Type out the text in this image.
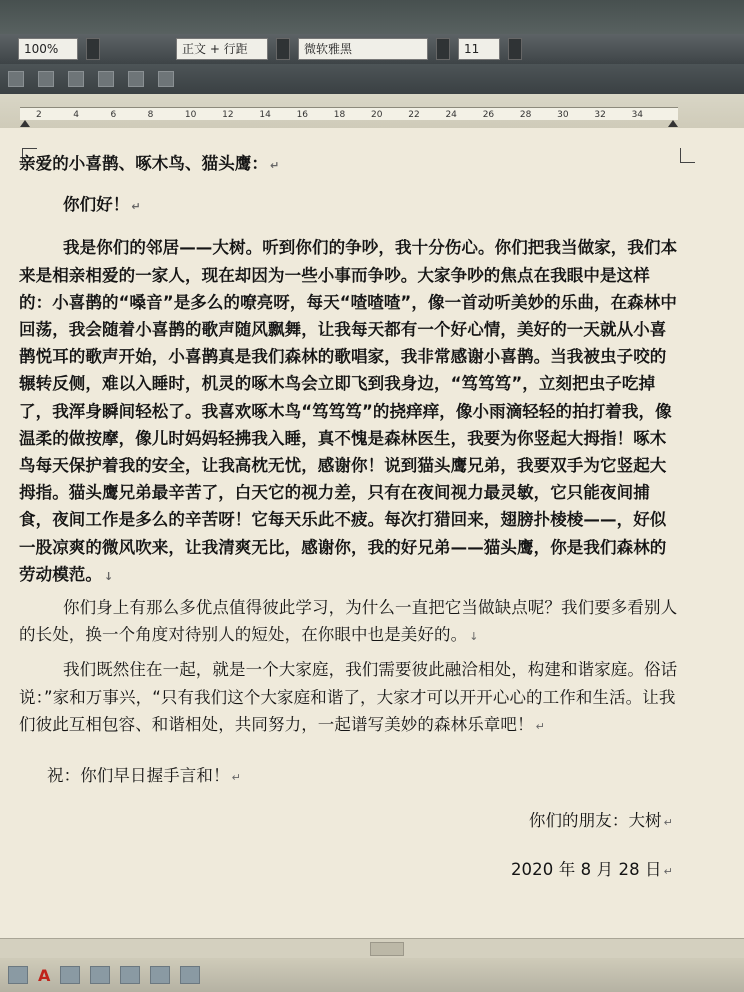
100%	正文 + 行距	微软雅黑	11
2	4	6	8	10	12	14	16	18	20	22	24	26	28	30	32	34

亲爱的小喜鹊、啄木鸟、猫头鹰： ↵

你们好！ ↵

我是你们的邻居——大树。听到你们的争吵，我十分伤心。你们把我当做家，我们本来是相亲相爱的一家人，现在却因为一些小事而争吵。大家争吵的焦点在我眼中是这样的：小喜鹊的“嗓音”是多么的嘹亮呀，每天“喳喳喳”，像一首动听美妙的乐曲，在森林中回荡，我会随着小喜鹊的歌声随风飘舞，让我每天都有一个好心情，美好的一天就从小喜鹊悦耳的歌声开始，小喜鹊真是我们森林的歌唱家，我非常感谢小喜鹊。当我被虫子咬的辗转反侧，难以入睡时，机灵的啄木鸟会立即飞到我身边，“笃笃笃”，立刻把虫子吃掉了，我浑身瞬间轻松了。我喜欢啄木鸟“笃笃笃”的挠痒痒，像小雨滴轻轻的拍打着我，像温柔的做按摩，像儿时妈妈轻拂我入睡，真不愧是森林医生，我要为你竖起大拇指！啄木鸟每天保护着我的安全，让我高枕无忧，感谢你！说到猫头鹰兄弟，我要双手为它竖起大拇指。猫头鹰兄弟最辛苦了，白天它的视力差，只有在夜间视力最灵敏，它只能夜间捕食，夜间工作是多么的辛苦呀！它每天乐此不疲。每次打猎回来，翅膀扑棱棱——，好似一股凉爽的微风吹来，让我清爽无比，感谢你，我的好兄弟——猫头鹰，你是我们森林的劳动模范。 ↓

你们身上有那么多优点值得彼此学习，为什么一直把它当做缺点呢？我们要多看别人的长处，换一个角度对待别人的短处，在你眼中也是美好的。 ↓

我们既然住在一起，就是一个大家庭，我们需要彼此融洽相处，构建和谐家庭。俗话说：”家和万事兴，“只有我们这个大家庭和谐了，大家才可以开开心心的工作和生活。让我们彼此互相包容、和谐相处，共同努力，一起谱写美妙的森林乐章吧！ ↵

祝：你们早日握手言和！ ↵

你们的朋友：大树 ↵

2020 年 8 月 28 日 ↵

A
